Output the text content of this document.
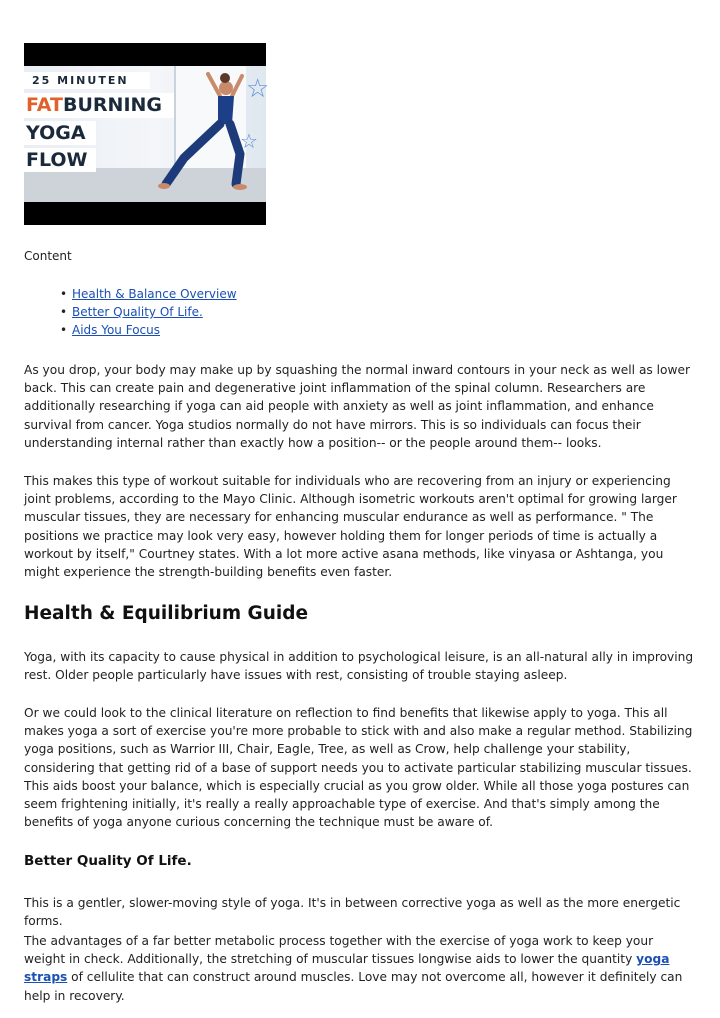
☆
☆
25 MINUTEN
FATBURNING
YOGA
FLOW
Content
• Health & Balance Overview
• Better Quality Of Life.
• Aids You Focus

As you drop, your body may make up by squashing the normal inward contours in your neck as well as lower back. This can create pain and degenerative joint inflammation of the spinal column. Researchers are additionally researching if yoga can aid people with anxiety as well as joint inflammation, and enhance survival from cancer. Yoga studios normally do not have mirrors. This is so individuals can focus their understanding internal rather than exactly how a position-- or the people around them-- looks.

This makes this type of workout suitable for individuals who are recovering from an injury or experiencing joint problems, according to the Mayo Clinic. Although isometric workouts aren't optimal for growing larger muscular tissues, they are necessary for enhancing muscular endurance as well as performance. " The positions we practice may look very easy, however holding them for longer periods of time is actually a workout by itself," Courtney states. With a lot more active asana methods, like vinyasa or Ashtanga, you might experience the strength-building benefits even faster.

Health & Equilibrium Guide

Yoga, with its capacity to cause physical in addition to psychological leisure, is an all-natural ally in improving rest. Older people particularly have issues with rest, consisting of trouble staying asleep.

Or we could look to the clinical literature on reflection to find benefits that likewise apply to yoga. This all makes yoga a sort of exercise you're more probable to stick with and also make a regular method. Stabilizing yoga positions, such as Warrior III, Chair, Eagle, Tree, as well as Crow, help challenge your stability, considering that getting rid of a base of support needs you to activate particular stabilizing muscular tissues. This aids boost your balance, which is especially crucial as you grow older. While all those yoga postures can seem frightening initially, it's really a really approachable type of exercise. And that's simply among the benefits of yoga anyone curious concerning the technique must be aware of.

Better Quality Of Life.

This is a gentler, slower-moving style of yoga. It's in between corrective yoga as well as the more energetic forms.

The advantages of a far better metabolic process together with the exercise of yoga work to keep your weight in check. Additionally, the stretching of muscular tissues longwise aids to lower the quantity yoga straps of cellulite that can construct around muscles. Love may not overcome all, however it definitely can help in recovery.
